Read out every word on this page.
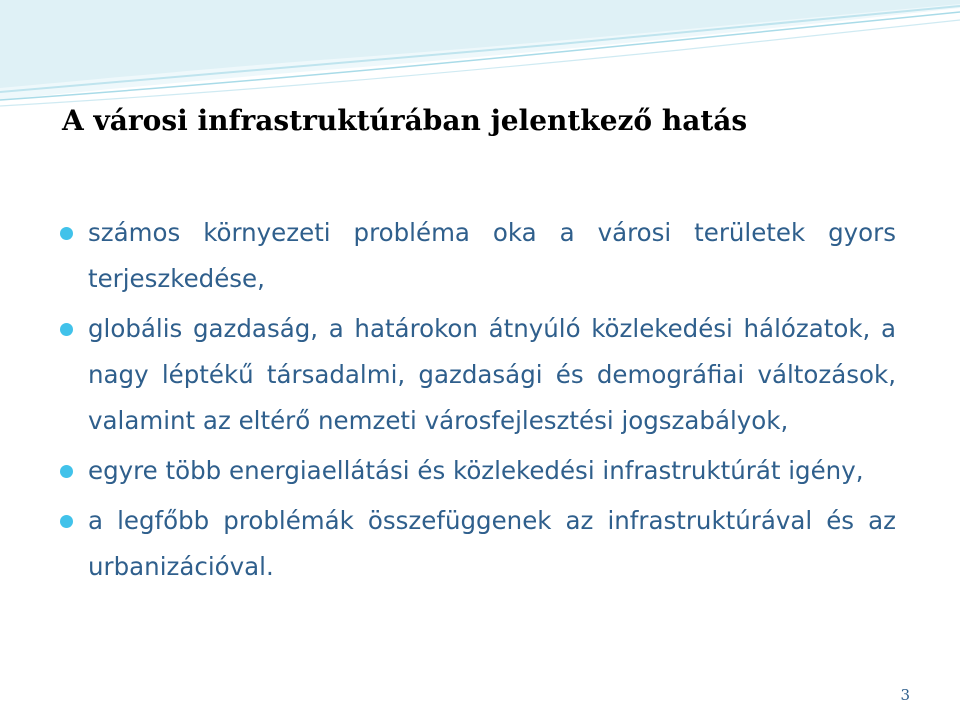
A városi infrastruktúrában jelentkező hatás
számos környezeti probléma oka a városi területek gyors terjeszkedése,
globális gazdaság, a határokon átnyúló közlekedési hálózatok, a nagy léptékű társadalmi, gazdasági és demográfiai változások, valamint az eltérő nemzeti városfejlesztési jogszabályok,
egyre több energiaellátási és közlekedési infrastruktúrát igény,
a legfőbb problémák összefüggenek az infrastruktúrával és az urbanizációval.
3
